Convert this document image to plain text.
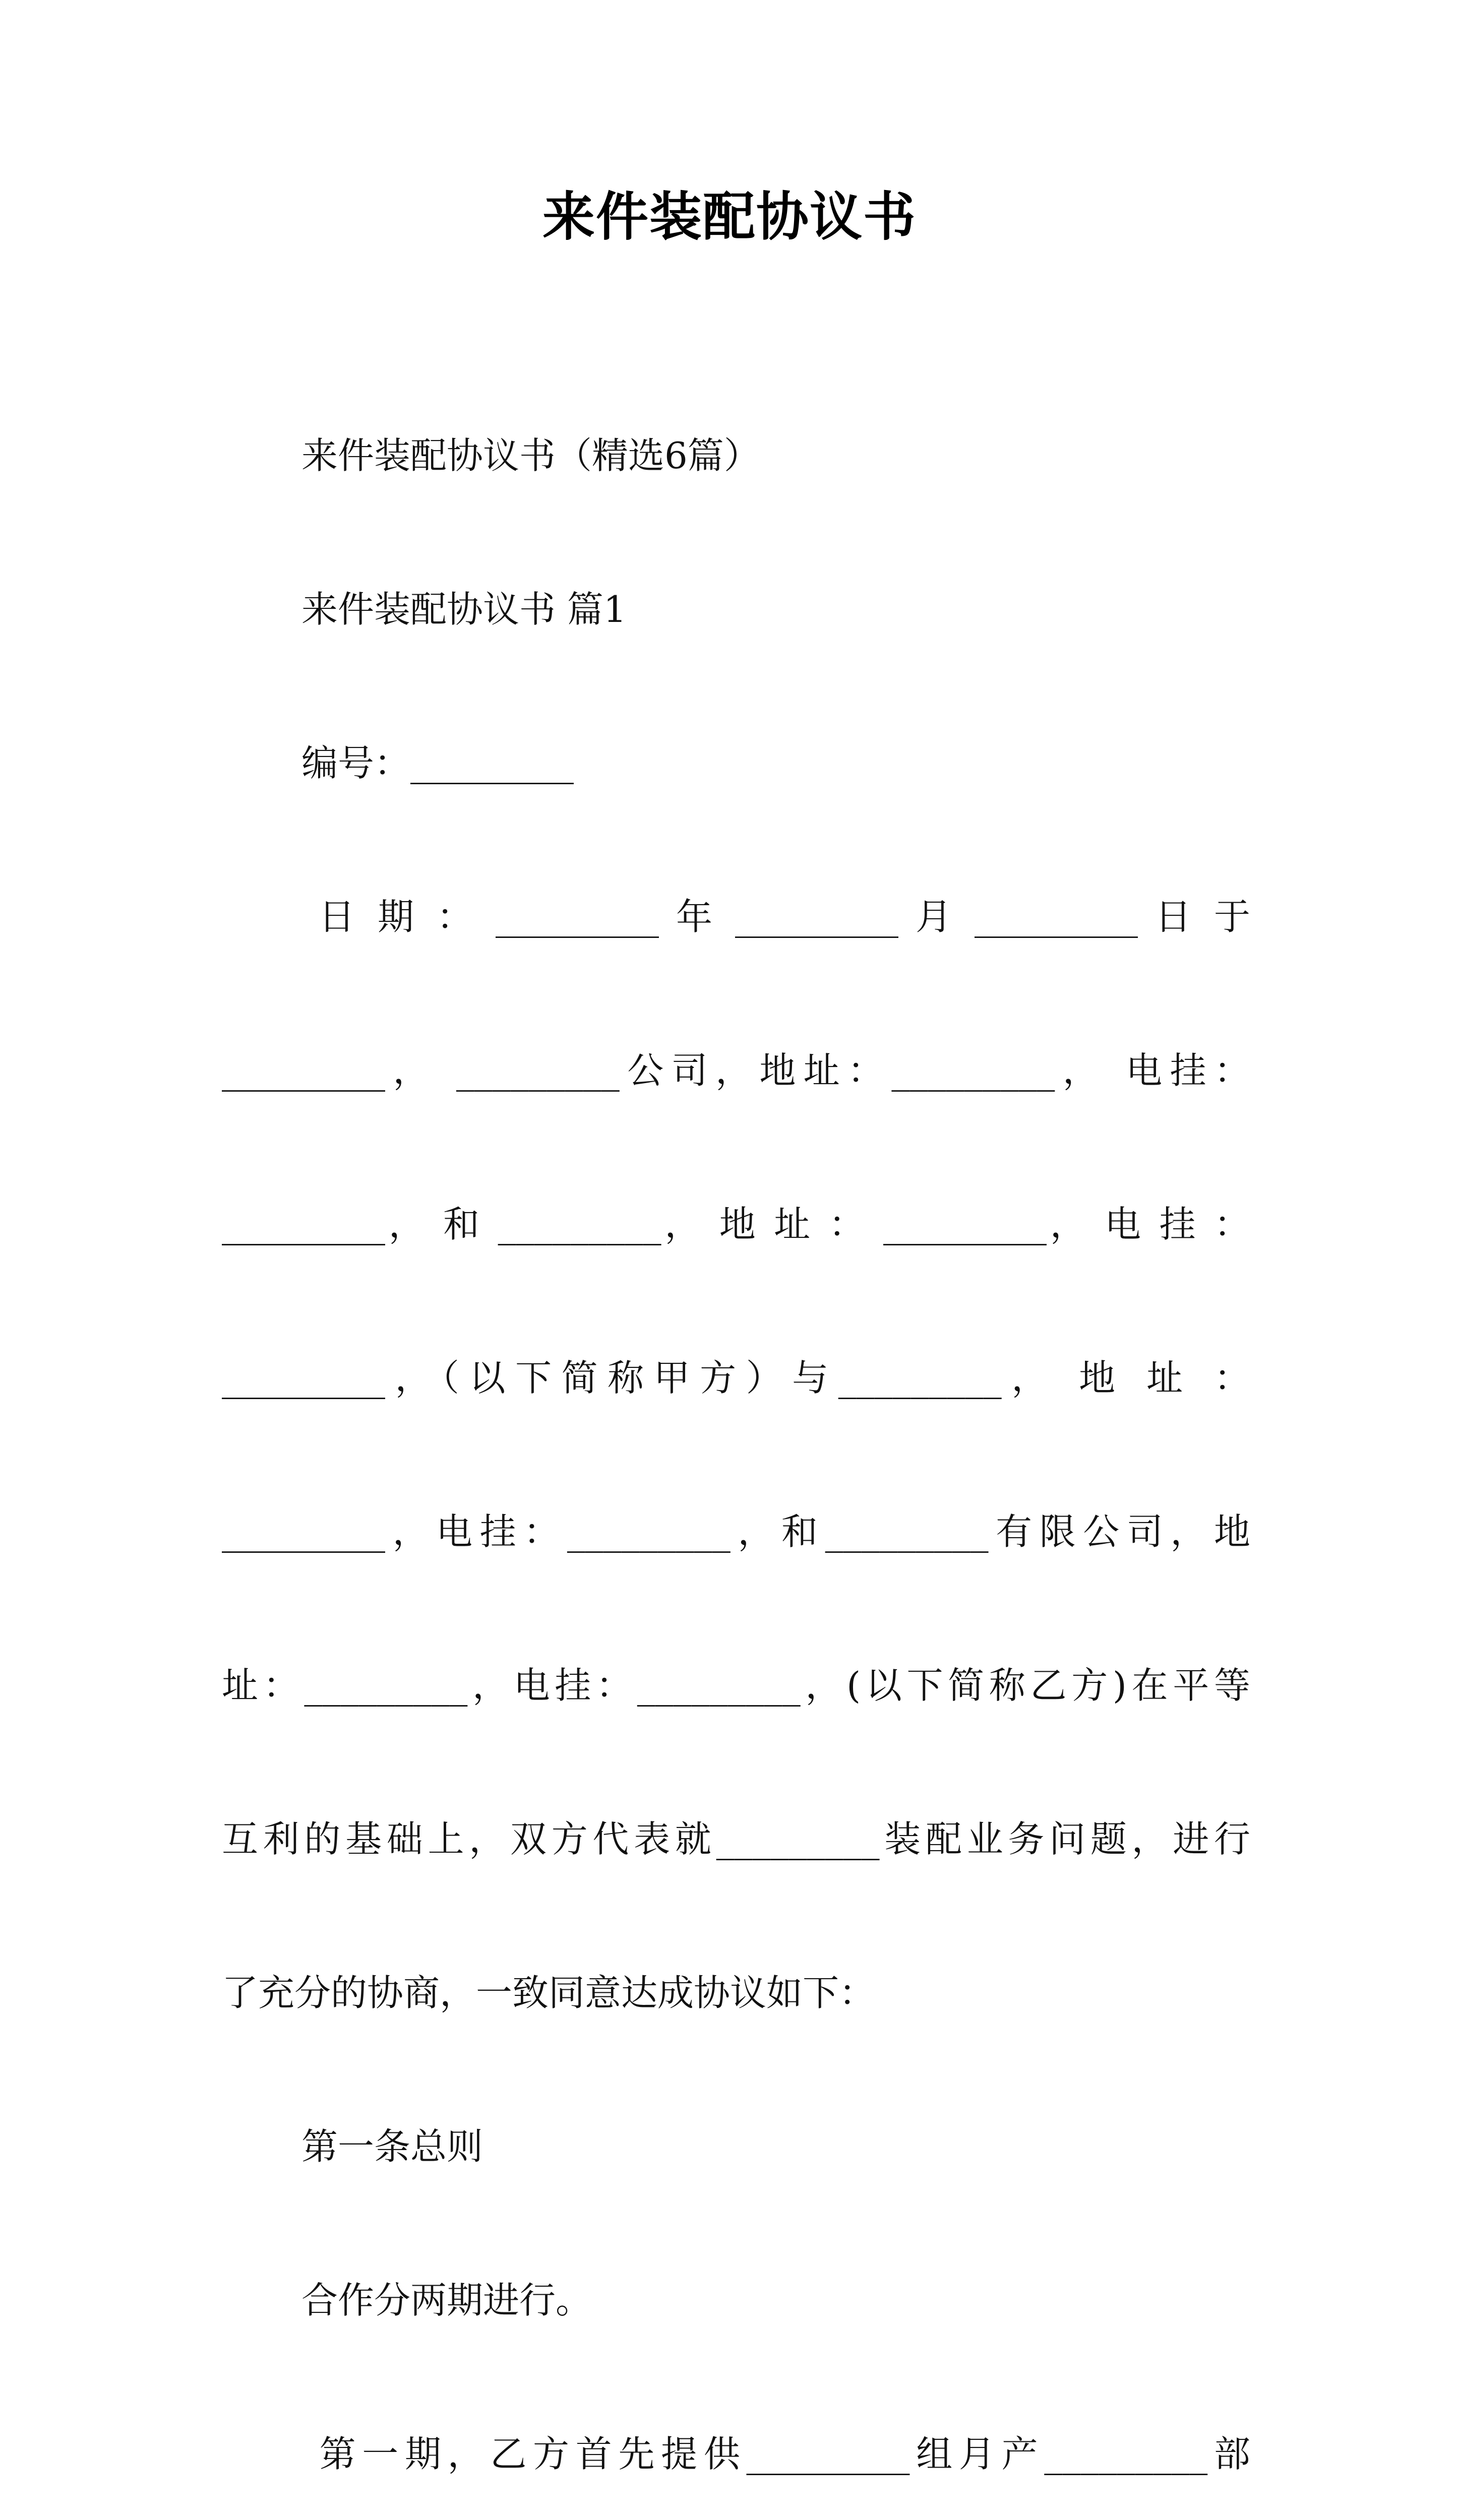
来件装配协议书

来件装配协议书（精选6篇）

来件装配协议书 篇1

编号：_________

日 期 ： _________ 年 _________ 月 _________ 日 于

_________， _________公司，地址：_________， 电挂：

_________， 和 _________， 地 址 ： _________， 电 挂 ：

_________，（以下简称甲方）与_________， 地 址 ：

_________，电挂：_________，和_________有限公司，地

址：_________，电挂：_________，(以下简称乙方)在平等

互利的基础上，双方代表就_________装配业务问题，进行

了充分的协商，一致同意达成协议如下：

第一条总则

合作分两期进行。

第一期，乙方首先提供_________组月产_________部
